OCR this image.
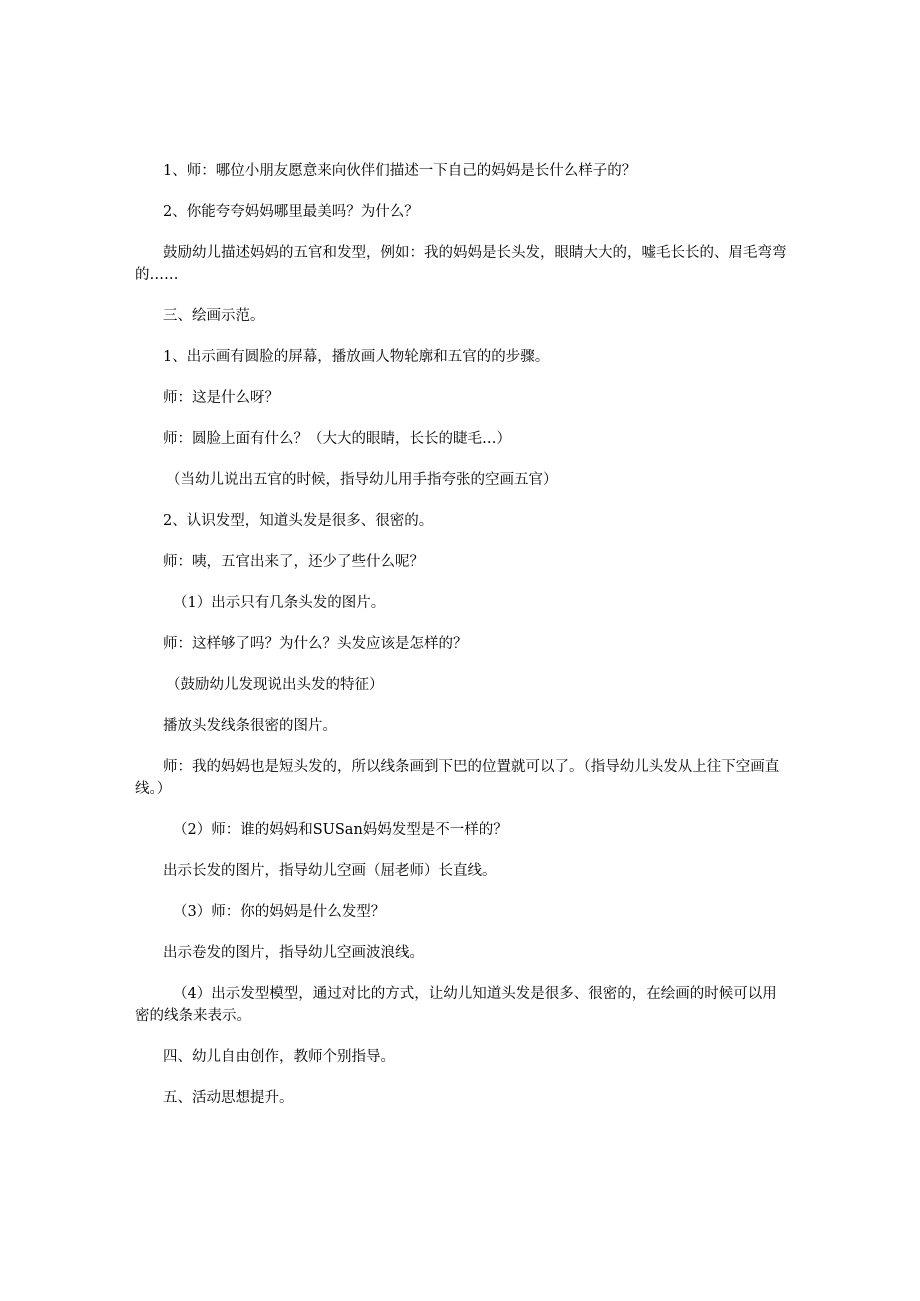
1、师：哪位小朋友愿意来向伙伴们描述一下自己的妈妈是长什么样子的？

2、你能夸夸妈妈哪里最美吗？为什么？

鼓励幼儿描述妈妈的五官和发型，例如：我的妈妈是长头发，眼睛大大的，嘘毛长长的、眉毛弯弯的……

三、绘画示范。

1、出示画有圆脸的屏幕，播放画人物轮廓和五官的的步骤。

师：这是什么呀？

师：圆脸上面有什么？（大大的眼睛，长长的睫毛…）

（当幼儿说出五官的时候，指导幼儿用手指夸张的空画五官）

2、认识发型，知道头发是很多、很密的。

师：咦，五官出来了，还少了些什么呢？

（1）出示只有几条头发的图片。

师：这样够了吗？为什么？头发应该是怎样的？

（鼓励幼儿发现说出头发的特征）

播放头发线条很密的图片。

师：我的妈妈也是短头发的，所以线条画到下巴的位置就可以了。（指导幼儿头发从上往下空画直线。）

（2）师：谁的妈妈和SUSan妈妈发型是不一样的？

出示长发的图片，指导幼儿空画（屈老师）长直线。

（3）师：你的妈妈是什么发型？

出示卷发的图片，指导幼儿空画波浪线。

（4）出示发型模型，通过对比的方式，让幼儿知道头发是很多、很密的，在绘画的时候可以用密的线条来表示。

四、幼儿自由创作，教师个别指导。

五、活动思想提升。
